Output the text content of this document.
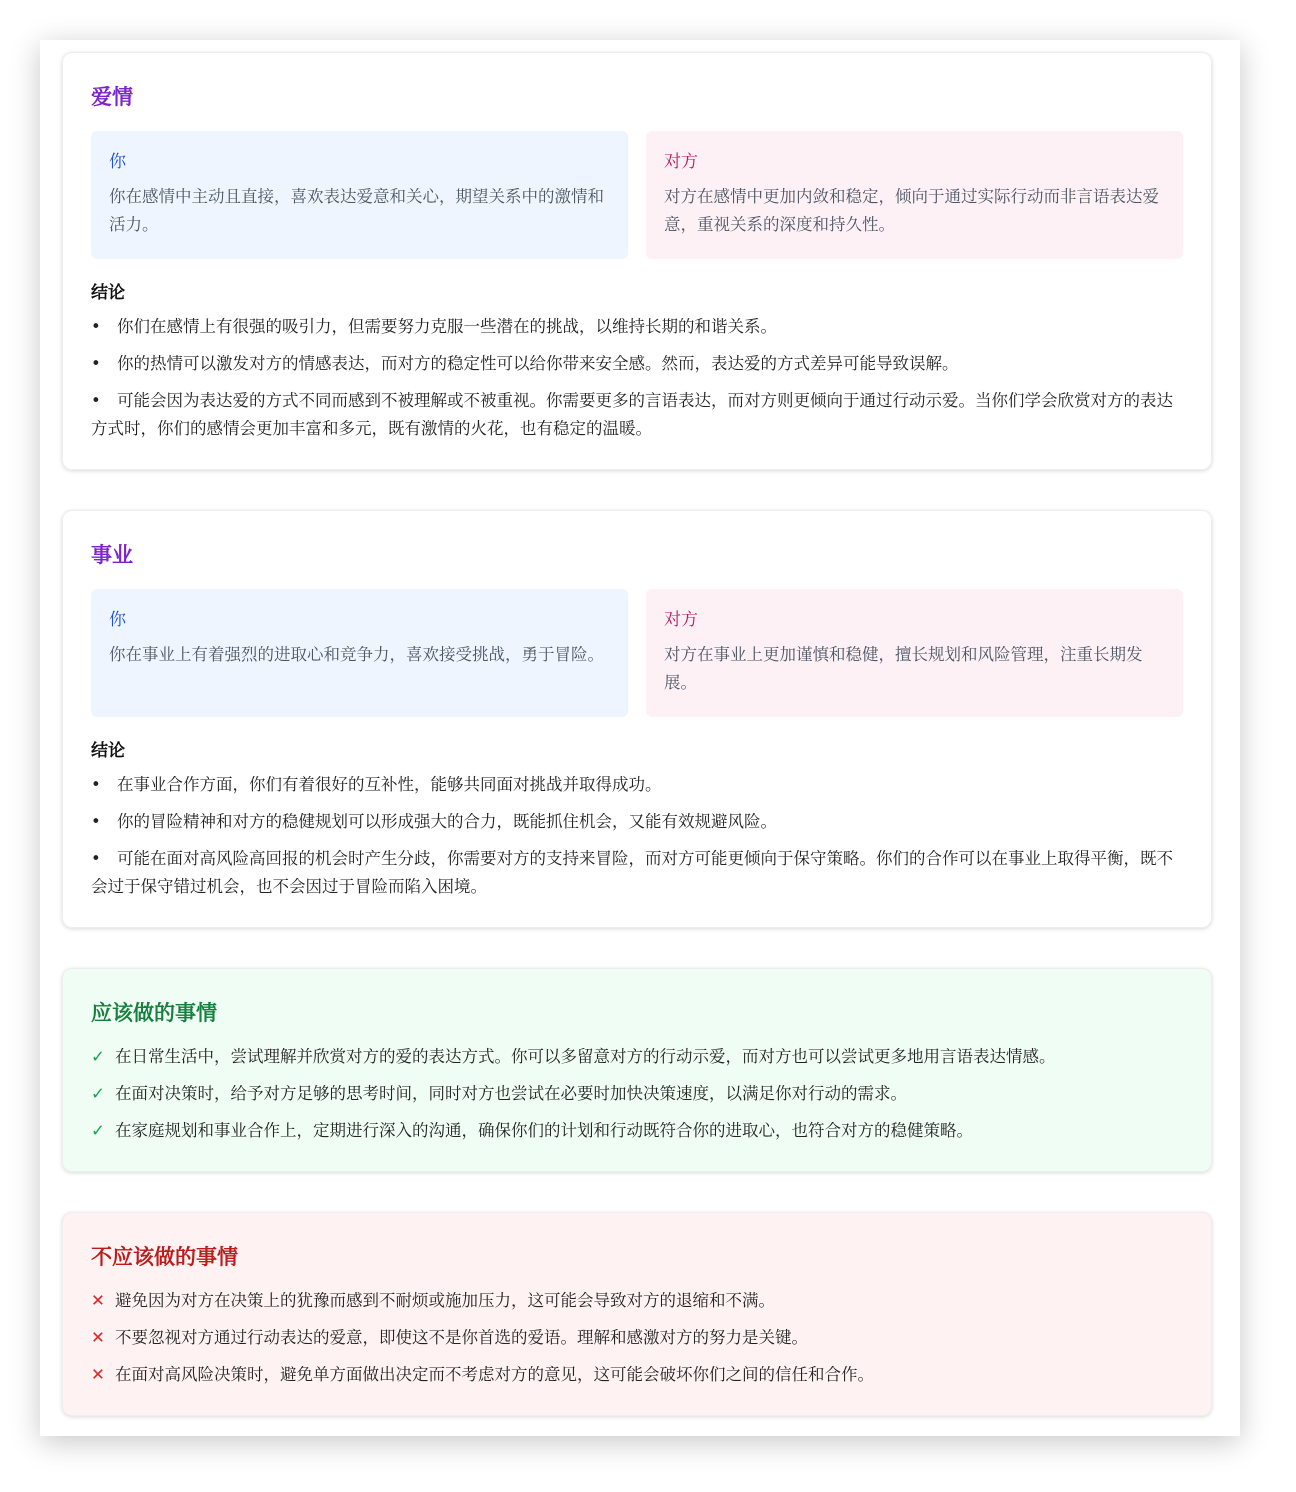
爱情
你

你在感情中主动且直接，喜欢表达爱意和关心，期望关系中的激情和活力。

对方

对方在感情中更加内敛和稳定，倾向于通过实际行动而非言语表达爱意，重视关系的深度和持久性。

结论
• 你们在感情上有很强的吸引力，但需要努力克服一些潜在的挑战，以维持长期的和谐关系。
• 你的热情可以激发对方的情感表达，而对方的稳定性可以给你带来安全感。然而，表达爱的方式差异可能导致误解。
• 可能会因为表达爱的方式不同而感到不被理解或不被重视。你需要更多的言语表达，而对方则更倾向于通过行动示爱。当你们学会欣赏对方的表达方式时，你们的感情会更加丰富和多元，既有激情的火花，也有稳定的温暖。
事业
你

你在事业上有着强烈的进取心和竞争力，喜欢接受挑战，勇于冒险。

对方

对方在事业上更加谨慎和稳健，擅长规划和风险管理，注重长期发展。

结论
• 在事业合作方面，你们有着很好的互补性，能够共同面对挑战并取得成功。
• 你的冒险精神和对方的稳健规划可以形成强大的合力，既能抓住机会，又能有效规避风险。
• 可能在面对高风险高回报的机会时产生分歧，你需要对方的支持来冒险，而对方可能更倾向于保守策略。你们的合作可以在事业上取得平衡，既不会过于保守错过机会，也不会因过于冒险而陷入困境。
应该做的事情
✓ 在日常生活中，尝试理解并欣赏对方的爱的表达方式。你可以多留意对方的行动示爱，而对方也可以尝试更多地用言语表达情感。
✓ 在面对决策时，给予对方足够的思考时间，同时对方也尝试在必要时加快决策速度，以满足你对行动的需求。
✓ 在家庭规划和事业合作上，定期进行深入的沟通，确保你们的计划和行动既符合你的进取心，也符合对方的稳健策略。
不应该做的事情
✕ 避免因为对方在决策上的犹豫而感到不耐烦或施加压力，这可能会导致对方的退缩和不满。
✕ 不要忽视对方通过行动表达的爱意，即使这不是你首选的爱语。理解和感激对方的努力是关键。
✕ 在面对高风险决策时，避免单方面做出决定而不考虑对方的意见，这可能会破坏你们之间的信任和合作。
